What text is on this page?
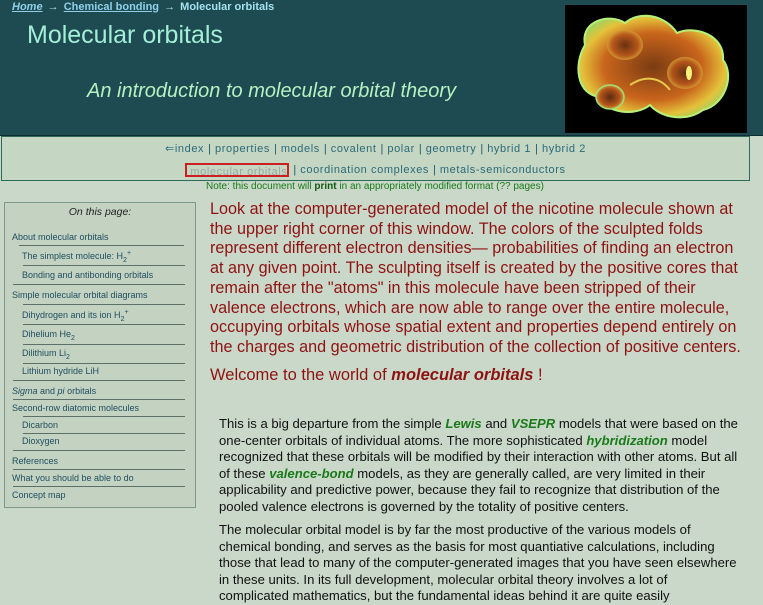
Home → Chemical bonding → Molecular orbitals
Molecular orbitals
An introduction to molecular orbital theory
⇐index | properties | models | covalent | polar | geometry | hybrid 1 | hybrid 2
molecular orbitals | coordination complexes | metals-semiconductors
Note: this document will print in an appropriately modified format (?? pages)
On this page:
About molecular orbitals
The simplest molecule: $H_2^+$
Bonding and antibonding orbitals
Simple molecular orbital diagrams
Dihydrogen and its ion $H_2^+$
Dihelium $He_2$
Dilithium $Li_2$
Lithium hydride LiH
Sigma and pi orbitals
Second-row diatomic molecules
Dicarbon
Dioxygen
References
What you should be able to do
Concept map
Look at the computer-generated model of the nicotine molecule shown at the upper right corner of this window. The colors of the sculpted folds represent different electron densities— probabilities of finding an electron at any given point. The sculpting itself is created by the positive cores that remain after the "atoms" in this molecule have been stripped of their valence electrons, which are now able to range over the entire molecule, occupying orbitals whose spatial extent and properties depend entirely on the charges and geometric distribution of the collection of positive centers.
Welcome to the world of molecular orbitals !
This is a big departure from the simple Lewis and VSEPR models that were based on the one-center orbitals of individual atoms. The more sophisticated hybridization model recognized that these orbitals will be modified by their interaction with other atoms. But all of these valence-bond models, as they are generally called, are very limited in their applicability and predictive power, because they fail to recognize that distribution of the pooled valence electrons is governed by the totality of positive centers.
The molecular orbital model is by far the most productive of the various models of chemical bonding, and serves as the basis for most quantiative calculations, including those that lead to many of the computer-generated images that you have seen elsewhere in these units. In its full development, molecular orbital theory involves a lot of complicated mathematics, but the fundamental ideas behind it are quite easily
